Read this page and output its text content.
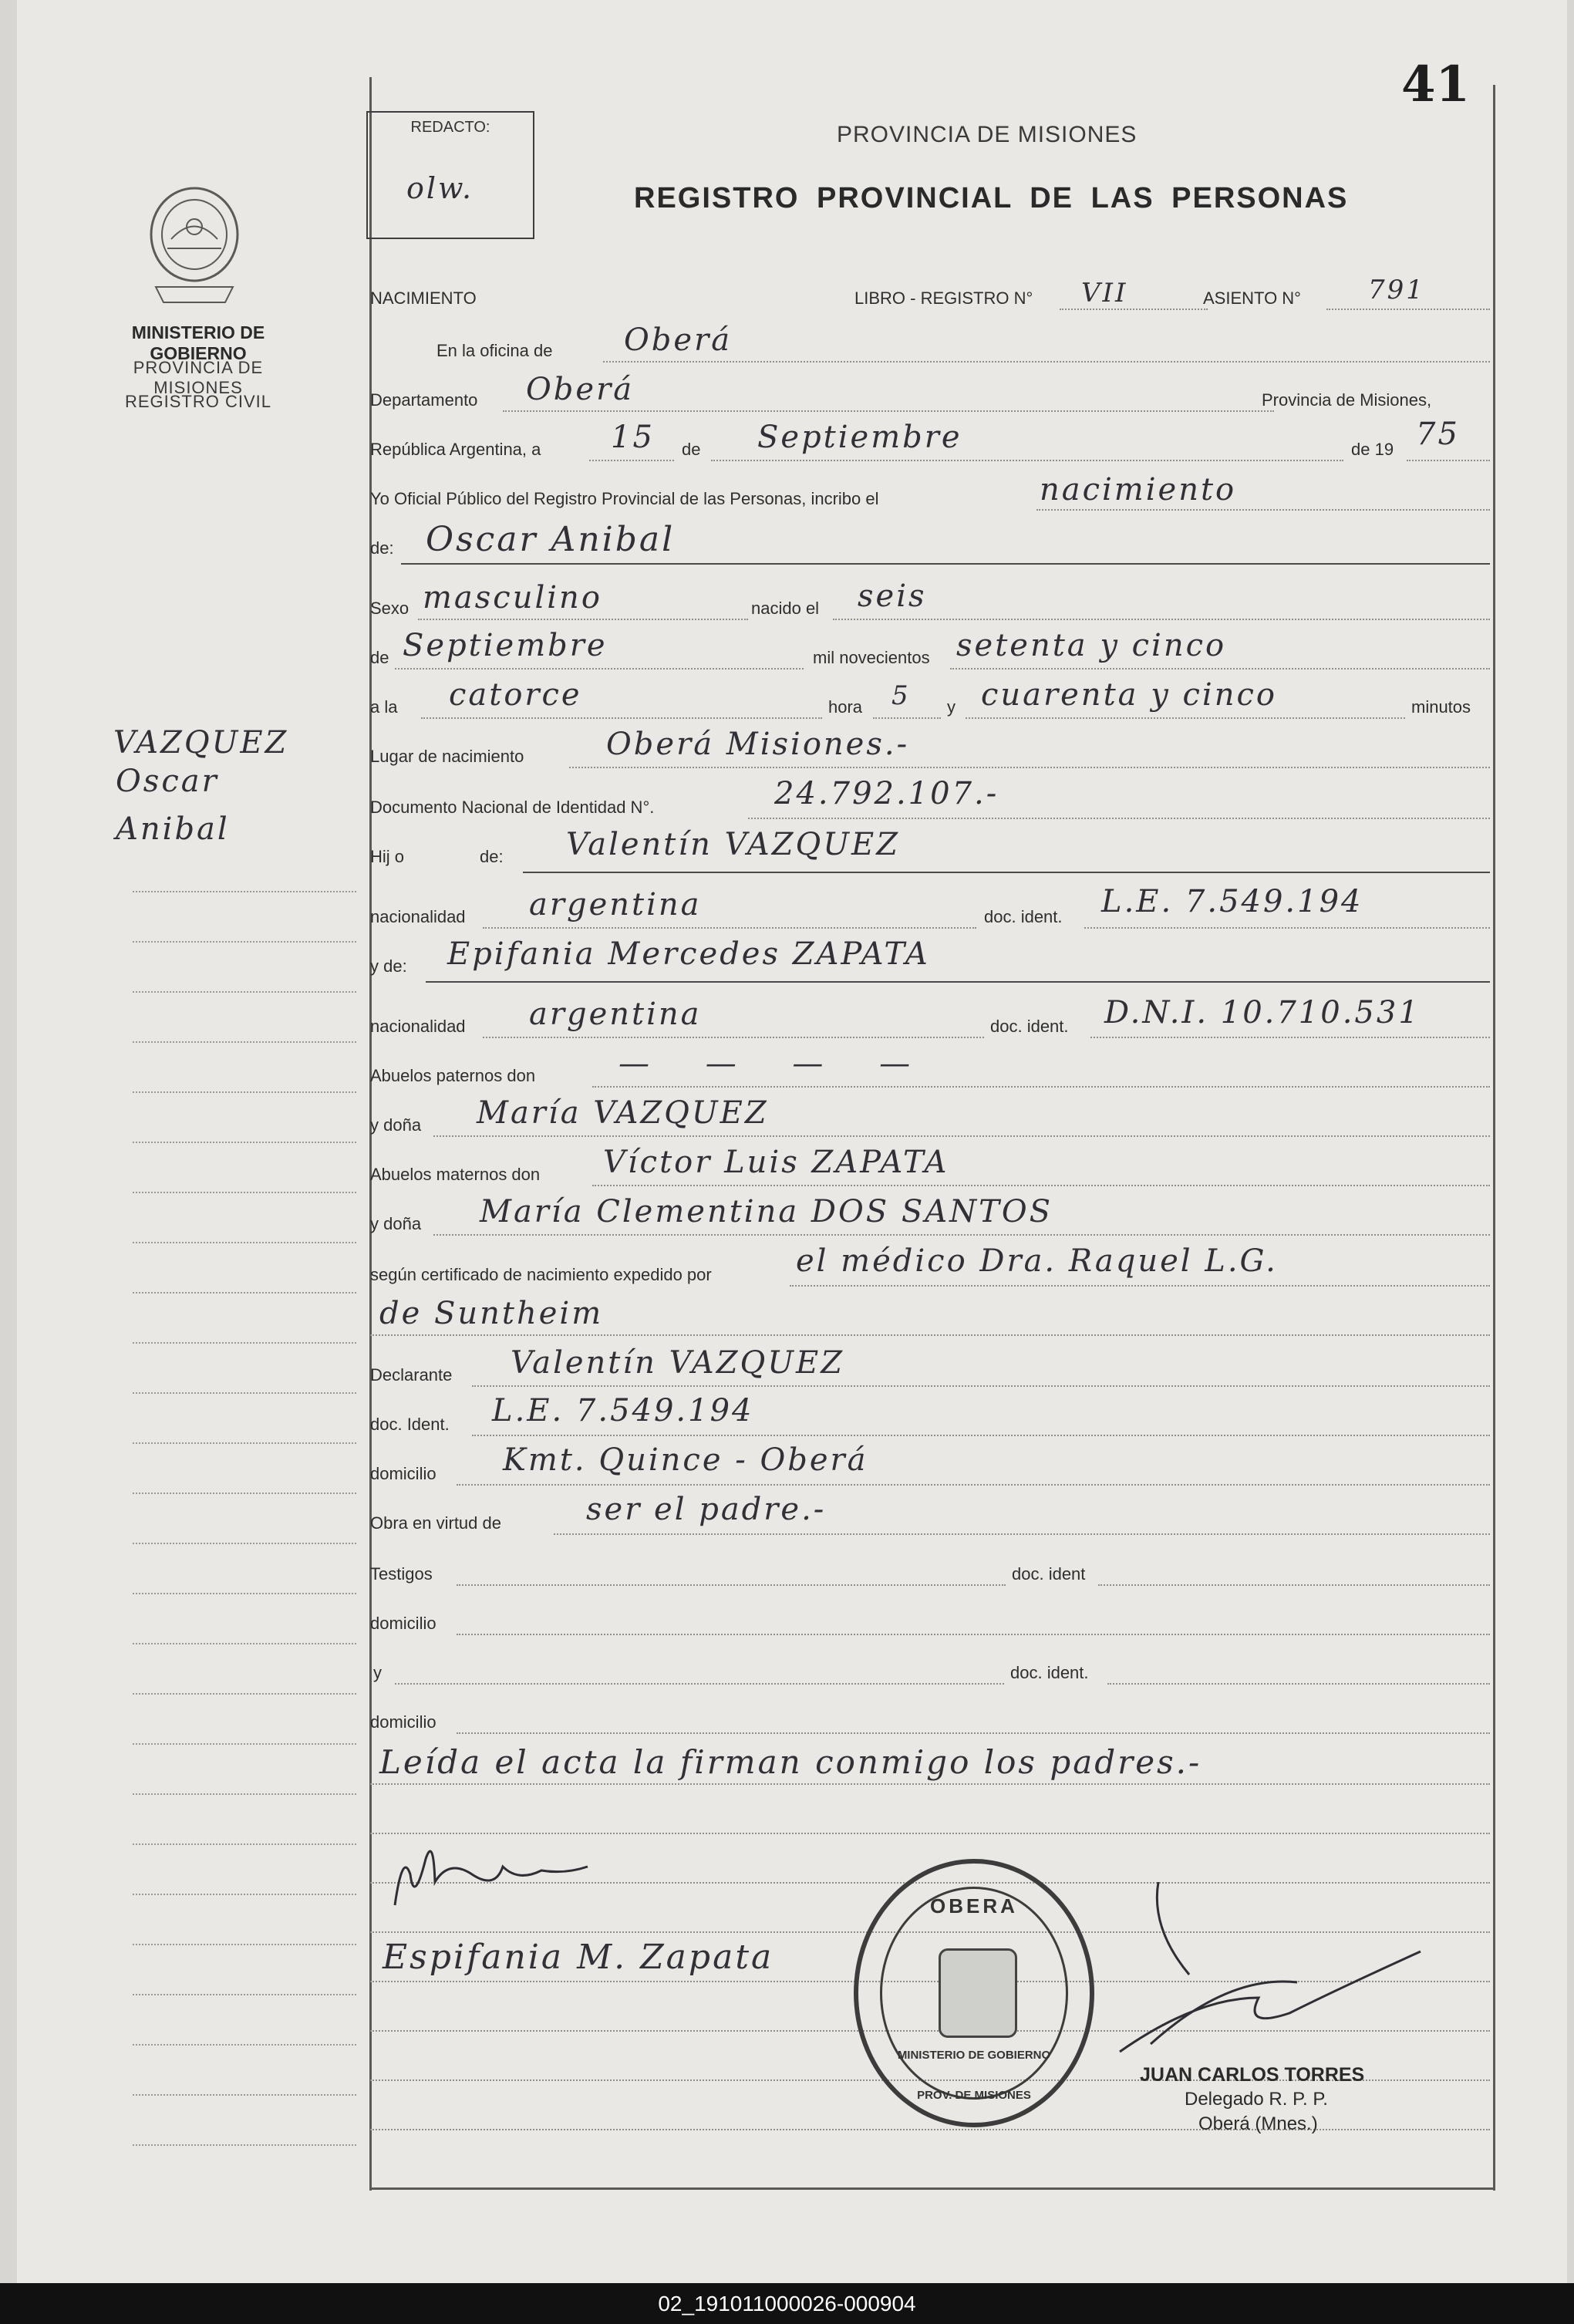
41
MINISTERIO DE GOBIERNO
PROVINCIA DE MISIONES
REGISTRO CIVIL
VAZQUEZ
Oscar
Anibal
REDACTO:
olw.
PROVINCIA DE MISIONES
REGISTRO PROVINCIAL DE LAS PERSONAS
NACIMIENTO	LIBRO - REGISTRO N° VII	ASIENTO N°	791
En la oficina de Oberá
Departamento Oberá	Provincia de Misiones,
República Argentina, a 15 de Septiembre	de 19 75
Yo Oficial Público del Registro Provincial de las Personas, incribo el	nacimiento
de: Oscar Anibal
Sexo masculino	nacido el seis
de Septiembre	mil novecientos setenta y cinco
a la catorce	hora 5 y cuarenta y cinco	minutos
Lugar de nacimiento	Oberá Misiones.-
Documento Nacional de Identidad N°.	24.792.107.-
Hij o	de: Valentín VAZQUEZ
nacionalidad argentina	doc. ident. L.E. 7.549.194
y de: Epifania Mercedes ZAPATA
nacionalidad argentina	doc. ident. D.N.I. 10.710.531
Abuelos paternos don	— — — —
y doña María VAZQUEZ
Abuelos maternos don Víctor Luis ZAPATA
y doña María Clementina DOS SANTOS
según certificado de nacimiento expedido por	el médico Dra. Raquel L.G.
de Suntheim
Declarante Valentín VAZQUEZ
doc. Ident. L.E. 7.549.194
domicilio Kmt. Quince - Oberá
Obra en virtud de	ser el padre.-
Testigos	doc. ident
domicilio
y	doc. ident.
domicilio
Leída el acta la firman conmigo los padres.-
Espifania M. Zapata
OBERA
MINISTERIO DE GOBIERNO
PROV. DE MISIONES
JUAN CARLOS TORRES
Delegado R. P. P.
Oberá (Mnes.)
02_191011000026-000904
